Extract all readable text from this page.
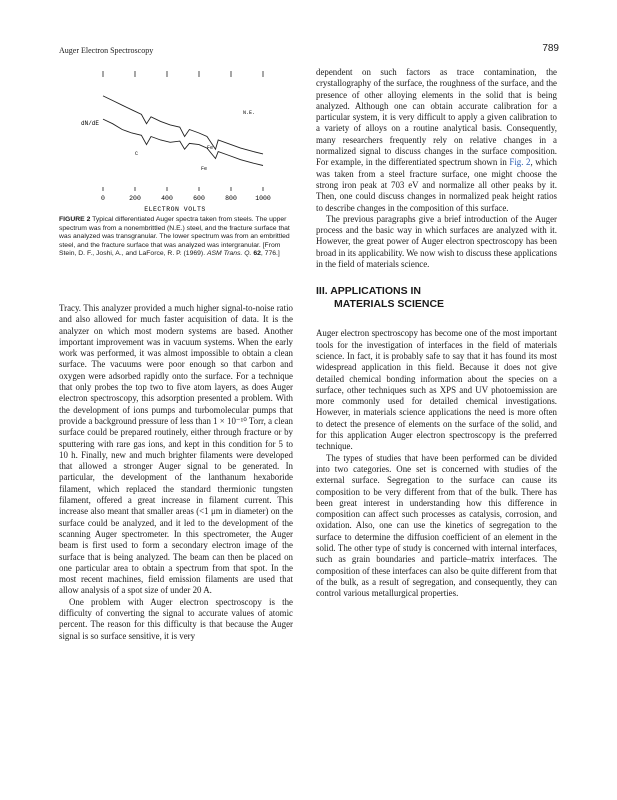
Auger Electron Spectroscopy	789
0	200	400	600	800	1000
dN/dE
N.E.
Fe
C
Fe
ELECTRON VOLTS
FIGURE 2 Typical differentiated Auger spectra taken from steels. The upper spectrum was from a nonembrittled (N.E.) steel, and the fracture surface that was analyzed was transgranular. The lower spectrum was from an embrittled steel, and the fracture surface that was analyzed was intergranular. [From Stein, D. F., Joshi, A., and LaForce, R. P. (1969). ASM Trans. Q. 62, 776.]

Tracy. This analyzer provided a much higher signal-to-noise ratio and also allowed for much faster acquisition of data. It is the analyzer on which most modern systems are based. Another important improvement was in vacuum systems. When the early work was performed, it was almost impossible to obtain a clean surface. The vacuums were poor enough so that carbon and oxygen were adsorbed rapidly onto the surface. For a technique that only probes the top two to five atom layers, as does Auger electron spectroscopy, this adsorption presented a problem. With the development of ions pumps and turbomolecular pumps that provide a background pressure of less than 1 × 10⁻¹⁰ Torr, a clean surface could be prepared routinely, either through fracture or by sputtering with rare gas ions, and kept in this condition for 5 to 10 h. Finally, new and much brighter filaments were developed that allowed a stronger Auger signal to be generated. In particular, the development of the lanthanum hexaboride filament, which replaced the standard thermionic tungsten filament, offered a great increase in filament current. This increase also meant that smaller areas (<1 μm in diameter) on the surface could be analyzed, and it led to the development of the scanning Auger spectrometer. In this spectrometer, the Auger beam is first used to form a secondary electron image of the surface that is being analyzed. The beam can then be placed on one particular area to obtain a spectrum from that spot. In the most recent machines, field emission filaments are used that allow analysis of a spot size of under 20 A.

One problem with Auger electron spectroscopy is the difficulty of converting the signal to accurate values of atomic percent. The reason for this difficulty is that because the Auger signal is so surface sensitive, it is very

dependent on such factors as trace contamination, the crystallography of the surface, the roughness of the surface, and the presence of other alloying elements in the solid that is being analyzed. Although one can obtain accurate calibration for a particular system, it is very difficult to apply a given calibration to a variety of alloys on a routine analytical basis. Consequently, many researchers frequently rely on relative changes in a normalized signal to discuss changes in the surface composition. For example, in the differentiated spectrum shown in Fig. 2, which was taken from a steel fracture surface, one might choose the strong iron peak at 703 eV and normalize all other peaks by it. Then, one could discuss changes in normalized peak height ratios to describe changes in the composition of this surface.

The previous paragraphs give a brief introduction of the Auger process and the basic way in which surfaces are analyzed with it. However, the great power of Auger electron spectroscopy has been broad in its applicability. We now wish to discuss these applications in the field of materials science.

III. APPLICATIONS IN
MATERIALS SCIENCE

Auger electron spectroscopy has become one of the most important tools for the investigation of interfaces in the field of materials science. In fact, it is probably safe to say that it has found its most widespread application in this field. Because it does not give detailed chemical bonding information about the species on a surface, other techniques such as XPS and UV photoemission are more commonly used for detailed chemical investigations. However, in materials science applications the need is more often to detect the presence of elements on the surface of the solid, and for this application Auger electron spectroscopy is the preferred technique.

The types of studies that have been performed can be divided into two categories. One set is concerned with studies of the external surface. Segregation to the surface can cause its composition to be very different from that of the bulk. There has been great interest in understanding how this difference in composition can affect such processes as catalysis, corrosion, and oxidation. Also, one can use the kinetics of segregation to the surface to determine the diffusion coefficient of an element in the solid. The other type of study is concerned with internal interfaces, such as grain boundaries and particle–matrix interfaces. The composition of these interfaces can also be quite different from that of the bulk, as a result of segregation, and consequently, they can control various metallurgical properties.
